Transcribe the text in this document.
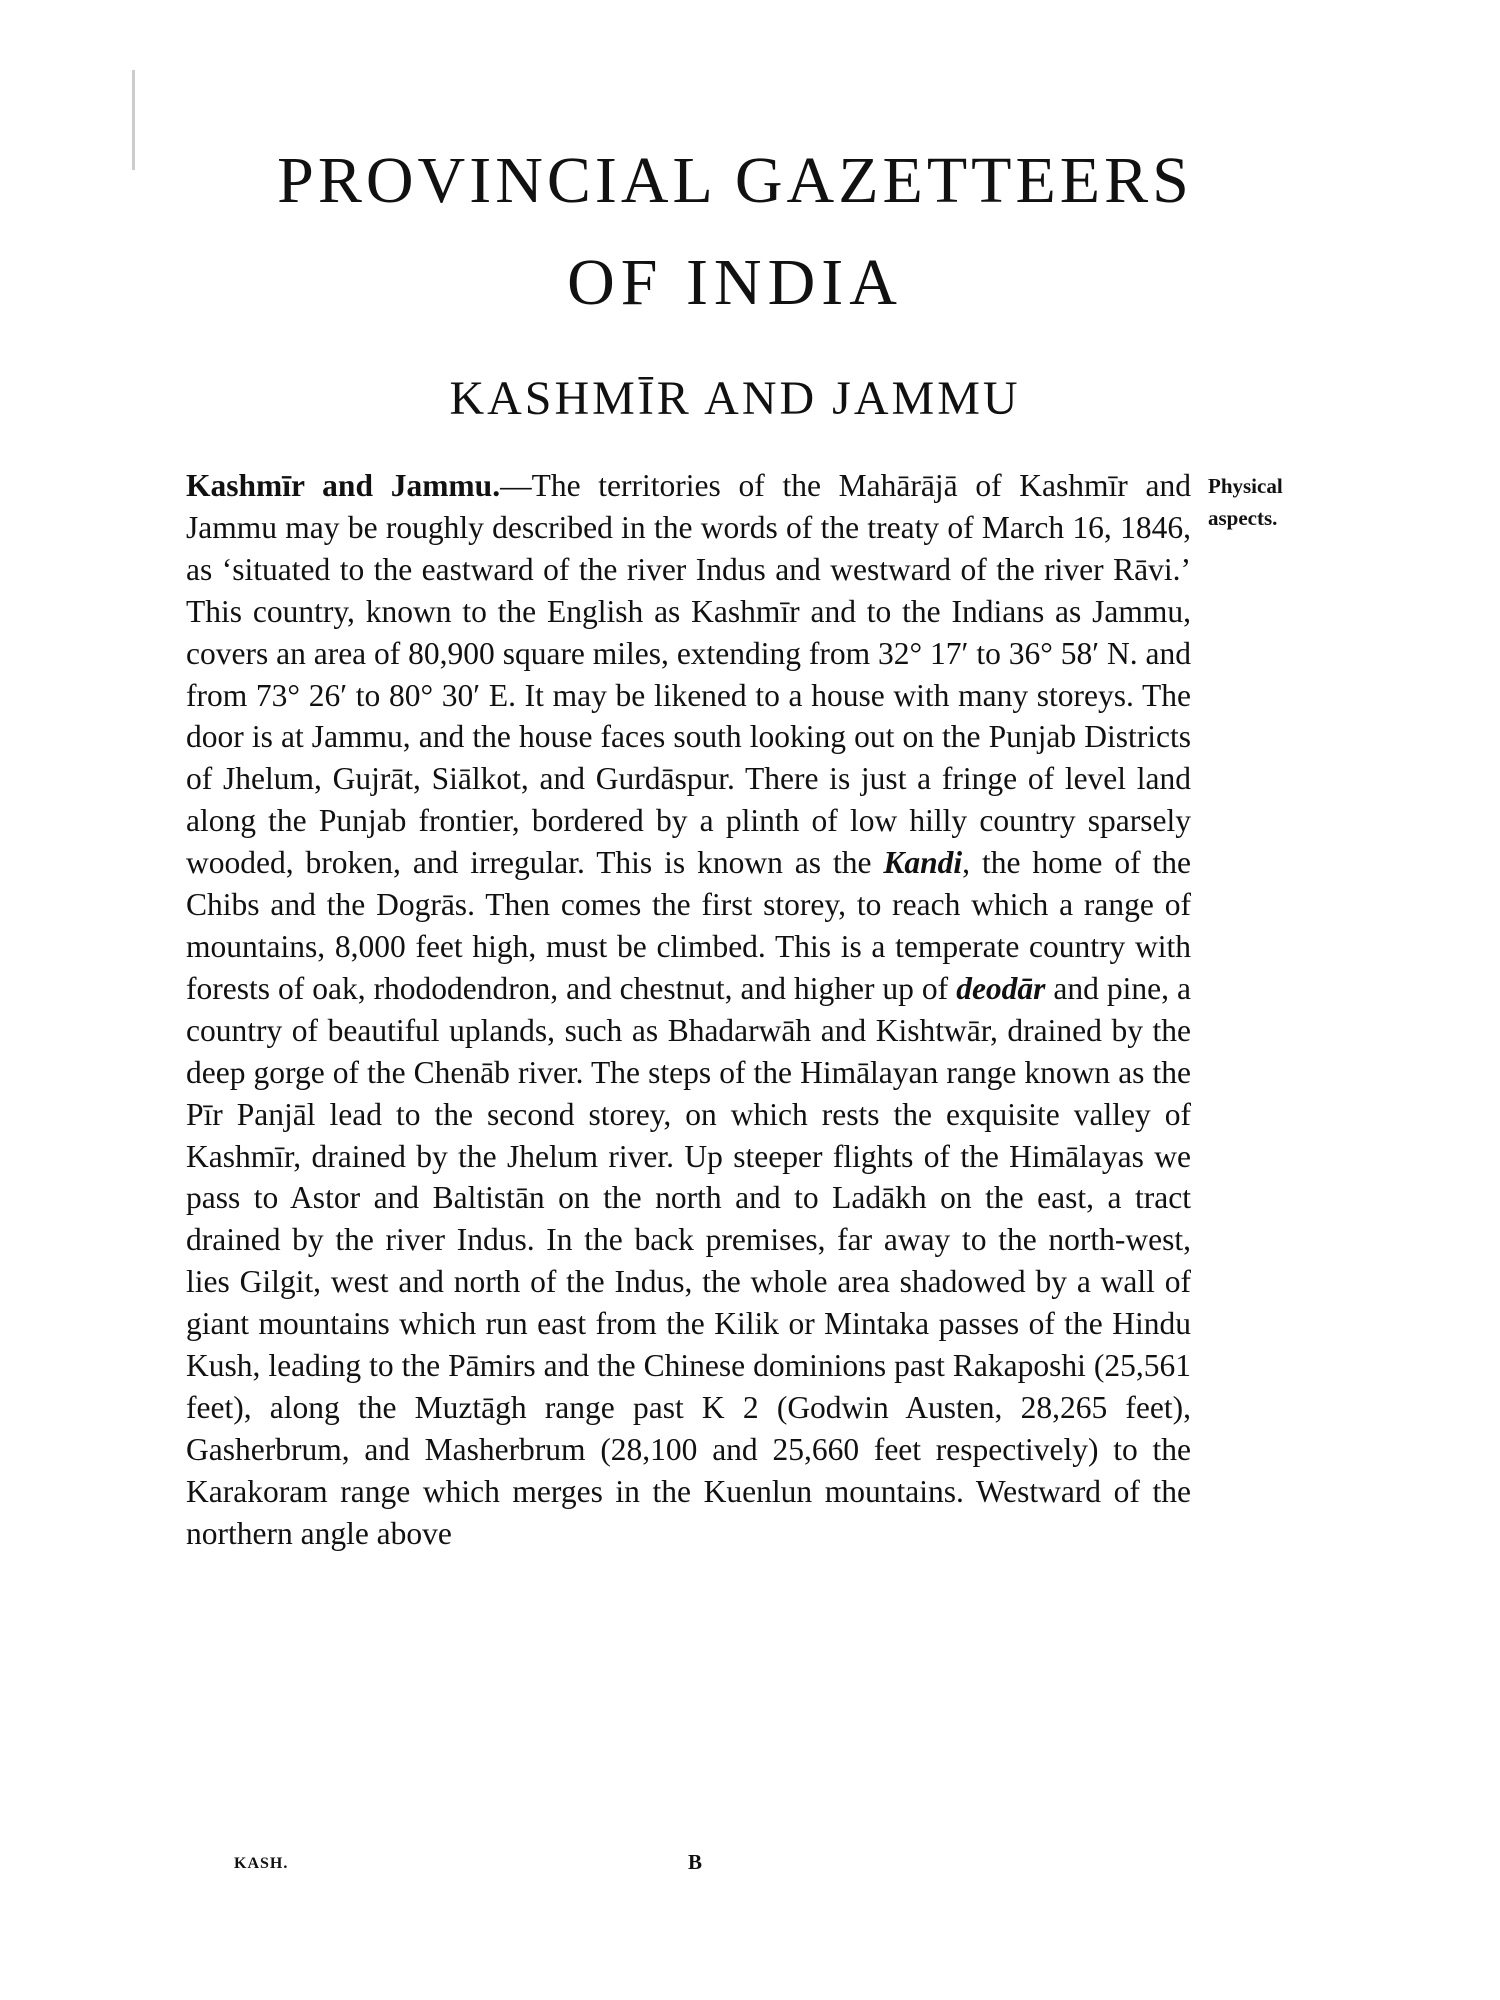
PROVINCIAL GAZETTEERS
OF INDIA
KASHMĪR AND JAMMU
Physical
aspects.

Kashmīr and Jammu.—The territories of the Mahārājā of Kashmīr and Jammu may be roughly described in the words of the treaty of March 16, 1846, as ‘situated to the eastward of the river Indus and westward of the river Rāvi.’ This country, known to the English as Kashmīr and to the Indians as Jammu, covers an area of 80,900 square miles, extending from 32° 17′ to 36° 58′ N. and from 73° 26′ to 80° 30′ E. It may be likened to a house with many storeys. The door is at Jammu, and the house faces south looking out on the Punjab Districts of Jhelum, Gujrāt, Siālkot, and Gurdāspur. There is just a fringe of level land along the Punjab frontier, bordered by a plinth of low hilly country sparsely wooded, broken, and irregular. This is known as the Kandi, the home of the Chibs and the Dogrās. Then comes the first storey, to reach which a range of mountains, 8,000 feet high, must be climbed. This is a temperate country with forests of oak, rhododendron, and chestnut, and higher up of deodār and pine, a country of beautiful uplands, such as Bhadarwāh and Kishtwār, drained by the deep gorge of the Chenāb river. The steps of the Himālayan range known as the Pīr Panjāl lead to the second storey, on which rests the exquisite valley of Kashmīr, drained by the Jhelum river. Up steeper flights of the Himālayas we pass to Astor and Baltistān on the north and to Ladākh on the east, a tract drained by the river Indus. In the back premises, far away to the north-west, lies Gilgit, west and north of the Indus, the whole area shadowed by a wall of giant mountains which run east from the Kilik or Mintaka passes of the Hindu Kush, leading to the Pāmirs and the Chinese dominions past Rakaposhi (25,561 feet), along the Muztāgh range past K 2 (Godwin Austen, 28,265 feet), Gasherbrum, and Masherbrum (28,100 and 25,660 feet respectively) to the Karakoram range which merges in the Kuenlun mountains. Westward of the northern angle above

KASH.	B
